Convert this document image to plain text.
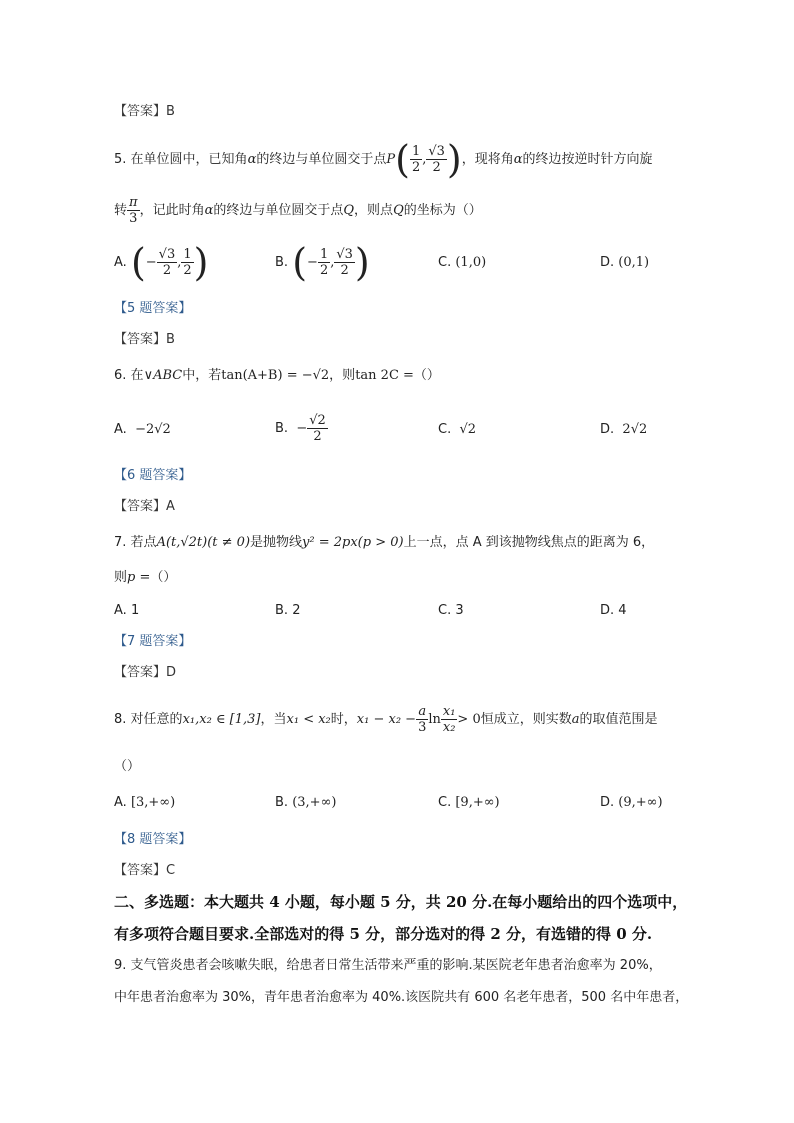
【答案】B
5. 在单位圆中，已知角α的终边与单位圆交于点$P( \frac{1}{2}$ , $\frac{√3}{2}$ )，现将角α的终边按逆时针方向旋
转 $\frac{\pi}{3}$ ，记此时角α的终边与单位圆交于点Q，则点Q的坐标为（）
A. (− $\frac{√3}{2}$ , $\frac{1}{2}$ )	B. (− $\frac{1}{2}$ , $\frac{√3}{2}$ )	C. (1,0)	D. (0,1)
【5 题答案】
【答案】B
6. 在∨ABC中，若tan(A+B) = −√2，则tan 2C =（）
A. −2√2	B. − $\frac{√2}{2}$	C. √2	D. 2√2
【6 题答案】
【答案】A
7. 若点A(t,√2t)(t ≠ 0)是抛物线y² = 2px(p > 0)上一点，点 A 到该抛物线焦点的距离为 6，
则p =（）
A. 1	B. 2	C. 3	D. 4
【7 题答案】
【答案】D
8. 对任意的x₁,x₂ ∈ [1,3]，当x₁ < x₂时，$x_1 - x_2 - \frac{a}{3}$ $\ln \frac{\text{x₁}}{\text{x₂}} > 0$恒成立，则实数a的取值范围是
（）
A. [3,+∞)	B. (3,+∞)	C. [9,+∞)	D. (9,+∞)
【8 题答案】
【答案】C
二、多选题：本大题共 4 小题，每小题 5 分，共 20 分.在每小题给出的四个选项中，
有多项符合题目要求.全部选对的得 5 分，部分选对的得 2 分，有选错的得 0 分.
9. 支气管炎患者会咳嗽失眠，给患者日常生活带来严重的影响.某医院老年患者治愈率为 20%，
中年患者治愈率为 30%，青年患者治愈率为 40%.该医院共有 600 名老年患者，500 名中年患者，
